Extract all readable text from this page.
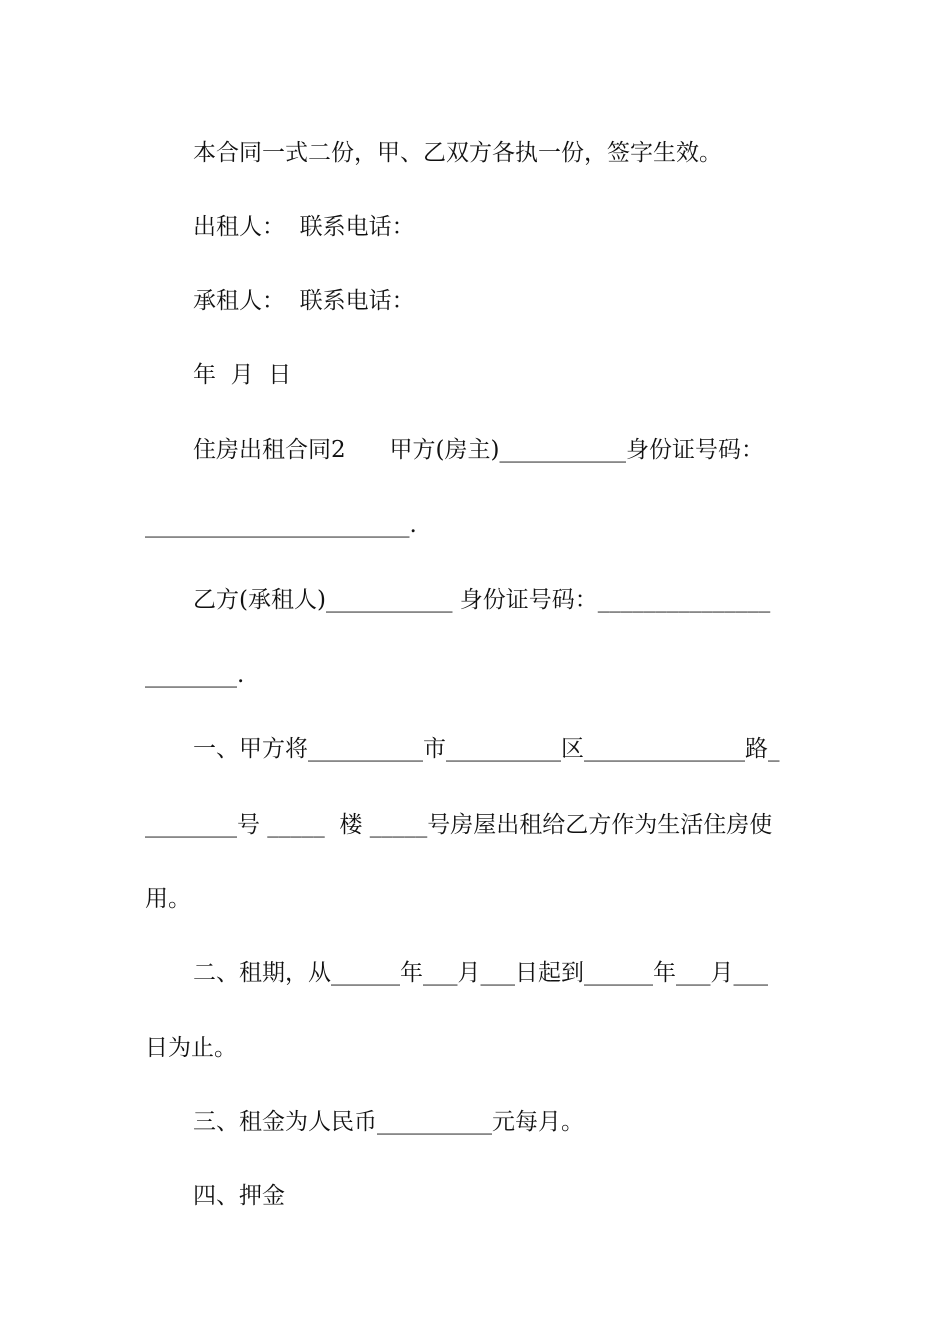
本合同一式二份，甲、乙双方各执一份，签字生效。

出租人：  联系电话：

承租人：  联系电话：

年  月  日

住房出租合同2      甲方(房主)___________身份证号码：

_______________________.

乙方(承租人)___________ 身份证号码：_______________

________.

一、甲方将__________市__________区______________路_

________号 _____  楼 _____号房屋出租给乙方作为生活住房使

用。

二、租期，从______年___月___日起到______年___月___

日为止。

三、租金为人民币__________元每月。

四、押金
